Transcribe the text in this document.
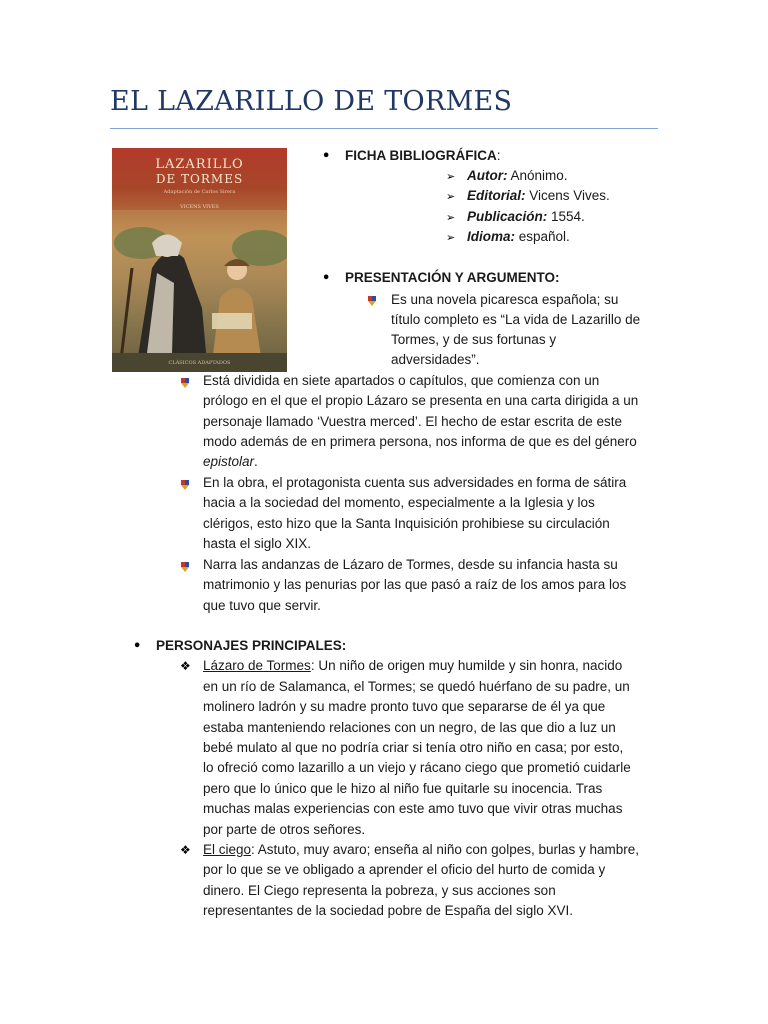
EL LAZARILLO DE TORMES
LAZARILLO
DE TORMES
Adaptación de Carlos Sirera
VICENS VIVES
CLÁSICOS ADAPTADOS
• FICHA BIBLIOGRÁFICA:
➢ Autor: Anónimo.
➢ Editorial: Vicens Vives.
➢ Publicación: 1554.
➢ Idioma: español.
• PRESENTACIÓN Y ARGUMENTO:
Es una novela picaresca española; su
título completo es “La vida de Lazarillo de
Tormes, y de sus fortunas y
adversidades”.
Está dividida en siete apartados o capítulos, que comienza con un
prólogo en el que el propio Lázaro se presenta en una carta dirigida a un
personaje llamado ‘Vuestra merced’. El hecho de estar escrita de este
modo además de en primera persona, nos informa de que es del género
epistolar.
En la obra, el protagonista cuenta sus adversidades en forma de sátira
hacia a la sociedad del momento, especialmente a la Iglesia y los
clérigos, esto hizo que la Santa Inquisición prohibiese su circulación
hasta el siglo XIX.
Narra las andanzas de Lázaro de Tormes, desde su infancia hasta su
matrimonio y las penurias por las que pasó a raíz de los amos para los
que tuvo que servir.
• PERSONAJES PRINCIPALES:
❖ Lázaro de Tormes: Un niño de origen muy humilde y sin honra, nacido
en un río de Salamanca, el Tormes; se quedó huérfano de su padre, un
molinero ladrón y su madre pronto tuvo que separarse de él ya que
estaba manteniendo relaciones con un negro, de las que dio a luz un
bebé mulato al que no podría criar si tenía otro niño en casa; por esto,
lo ofreció como lazarillo a un viejo y rácano ciego que prometió cuidarle
pero que lo único que le hizo al niño fue quitarle su inocencia. Tras
muchas malas experiencias con este amo tuvo que vivir otras muchas
por parte de otros señores.
❖ El ciego: Astuto, muy avaro; enseña al niño con golpes, burlas y hambre,
por lo que se ve obligado a aprender el oficio del hurto de comida y
dinero. El Ciego representa la pobreza, y sus acciones son
representantes de la sociedad pobre de España del siglo XVI.
